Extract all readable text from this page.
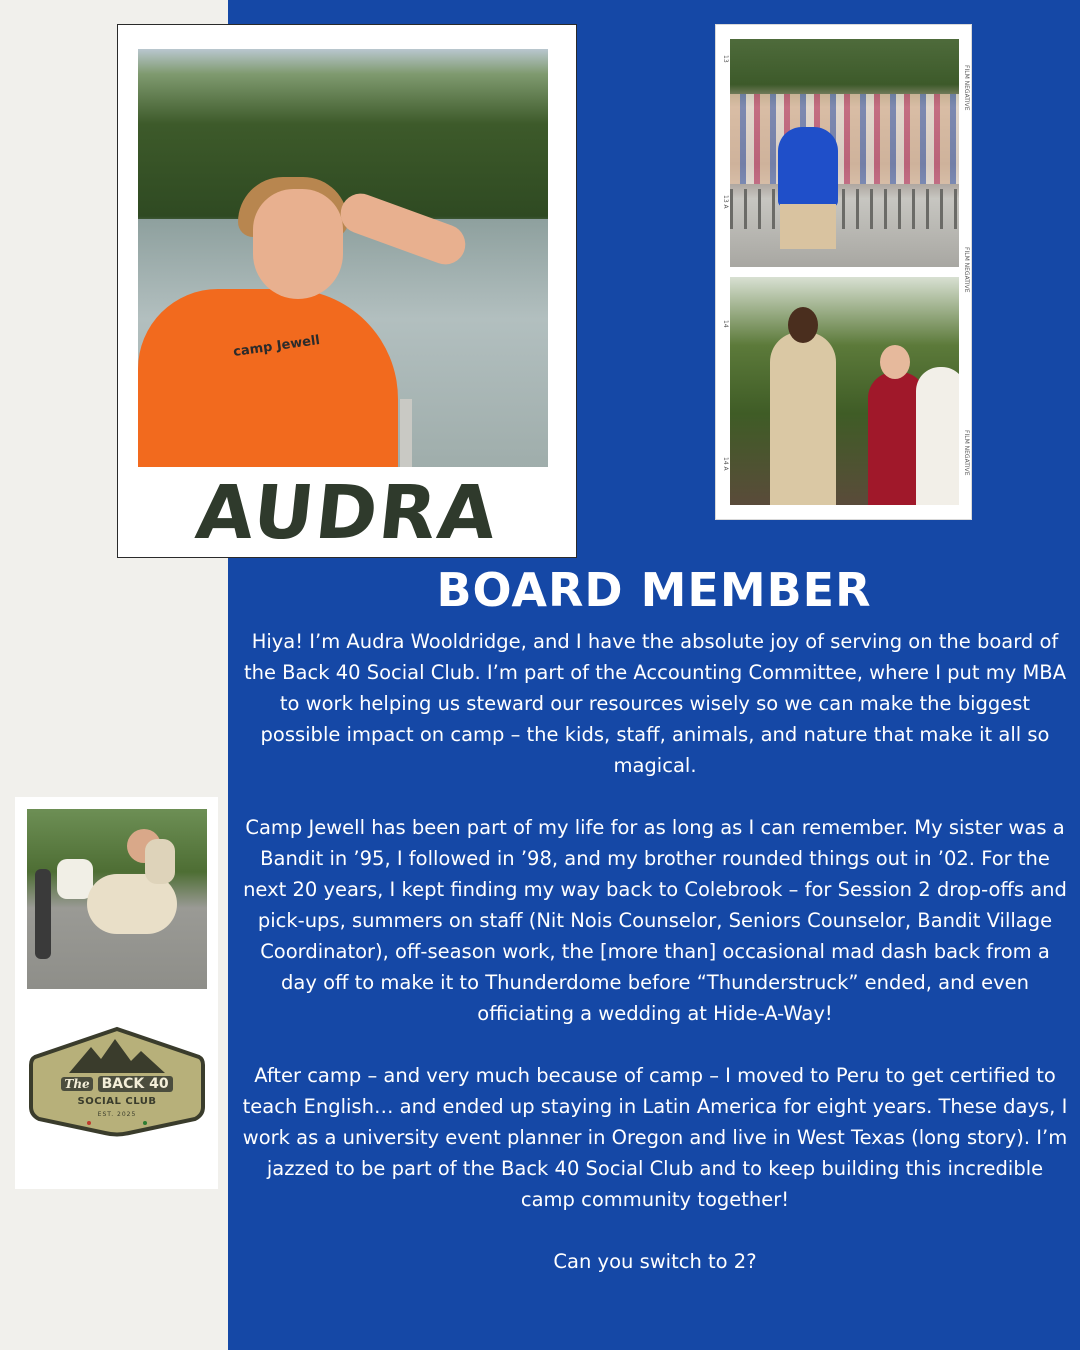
camp Jewell
AUDRA
13
13 A
14
14 A
FILM NEGATIVE
FILM NEGATIVE
FILM NEGATIVE
The BACK 40
SOCIAL CLUB
EST. 2025
BOARD MEMBER

Hiya! I’m Audra Wooldridge, and I have the absolute joy of serving on the board of the Back 40 Social Club. I’m part of the Accounting Committee, where I put my MBA to work helping us steward our resources wisely so we can make the biggest possible impact on camp – the kids, staff, animals, and nature that make it all so magical.

Camp Jewell has been part of my life for as long as I can remember. My sister was a Bandit in ’95, I followed in ’98, and my brother rounded things out in ’02. For the next 20 years, I kept finding my way back to Colebrook – for Session 2 drop-offs and pick-ups, summers on staff (Nit Nois Counselor, Seniors Counselor, Bandit Village Coordinator), off-season work, the [more than] occasional mad dash back from a day off to make it to Thunderdome before “Thunderstruck” ended, and even officiating a wedding at Hide-A-Way!

After camp – and very much because of camp – I moved to Peru to get certified to teach English… and ended up staying in Latin America for eight years. These days, I work as a university event planner in Oregon and live in West Texas (long story). I’m jazzed to be part of the Back 40 Social Club and to keep building this incredible camp community together!

Can you switch to 2?
